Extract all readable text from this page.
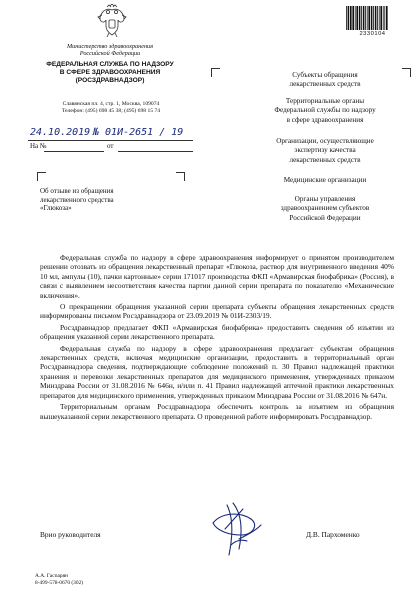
Министерство здравоохранения
Российской Федерации
ФЕДЕРАЛЬНАЯ СЛУЖБА ПО НАДЗОРУ
В СФЕРЕ ЗДРАВООХРАНЕНИЯ
(РОСЗДРАВНАДЗОР)
Славянская пл. 4, стр. 1, Москва, 109074
Телефон: (495) 698 45 38; (495) 698 15 74
24.10.2019 № 01И-2651 / 19
На №	от
2330104
Субъекты обращения
лекарственных средств
Территориальные органы
Федеральной службы по надзору
в сфере здравоохранения
Организации, осуществляющие
экспертизу качества
лекарственных средств
Медицинские организации
Органы управления
здравоохранением субъектов
Российской Федерации
Об отзыве из обращения
лекарственного средства
«Глюкоза»

Федеральная служба по надзору в сфере здравоохранения информирует о принятом производителем решении отозвать из обращения лекарственный препарат «Глюкоза, раствор для внутривенного введения 40% 10 мл, ампулы (10), пачки картонные» серии 171017 производства ФКП «Армавирская биофабрика» (Россия), в связи с выявлением несоответствия качества партии данной серии препарата по показателю «Механические включения».

О прекращении обращения указанной серии препарата субъекты обращения лекарственных средств информированы письмом Росздравнадзора от 23.09.2019 № 01И-2303/19.

Росздравнадзор предлагает ФКП «Армавирская биофабрика» предоставить сведения об изъятии из обращения указанной серии лекарственного препарата.

Федеральная служба по надзору в сфере здравоохранения предлагает субъектам обращения лекарственных средств, включая медицинские организации, предоставить в территориальный орган Росздравнадзора сведения, подтверждающие соблюдение положений п. 30 Правил надлежащей практики хранения и перевозки лекарственных препаратов для медицинского применения, утвержденных приказом Минздрава России от 31.08.2016 № 646н, и/или п. 41 Правил надлежащей аптечной практики лекарственных препаратов для медицинского применения, утвержденных приказом Минздрава России от 31.08.2016 № 647н.

Территориальным органам Росздравнадзора обеспечить контроль за изъятием из обращения вышеуказанной серии лекарственного препарата. О проведенной работе информировать Росздравнадзор.

Врио руководителя	Д.В. Пархоменко
А.А. Гаспарян
8-499-578-0670 (302)
